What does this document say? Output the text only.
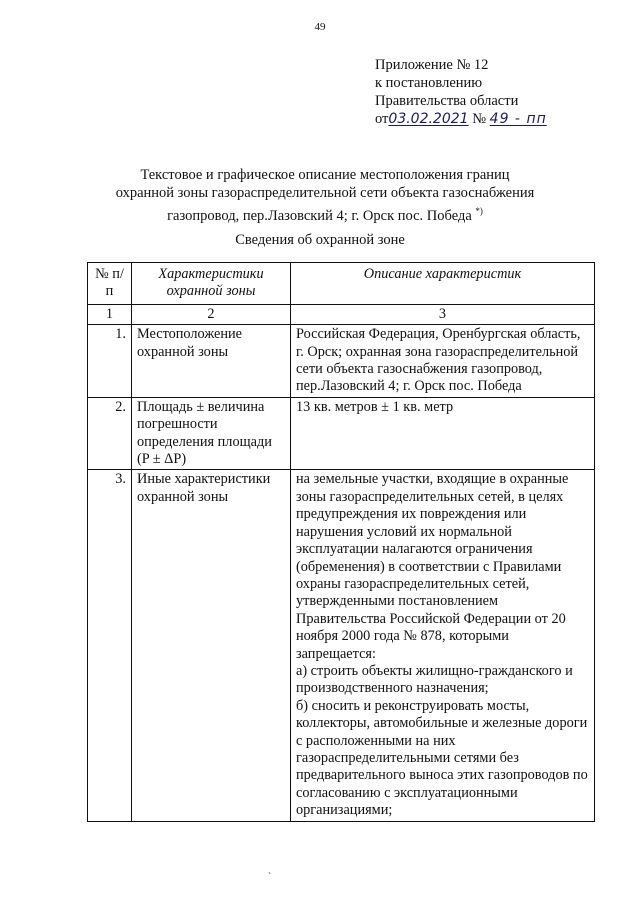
49
Приложение № 12
к постановлению
Правительства области
от03.02.2021 № 49 - пп
Текстовое и графическое описание местоположения границ
охранной зоны газораспределительной сети объекта газоснабжения
газопровод, пер.Лазовский 4; г. Орск пос. Победа *)
Сведения об охранной зоне
№ п/п	Характеристики охранной зоны	Описание характеристик
1	2	3
1.	Местоположение охранной зоны	Российская Федерация, Оренбургская область, г. Орск; охранная зона газораспределительной сети объекта газоснабжения газопровод, пер.Лазовский 4; г. Орск пос. Победа
2.	Площадь ± величина погрешности определения площади (P ± ΔP)	13 кв. метров ± 1 кв. метр
3.	Иные характеристики охранной зоны	на земельные участки, входящие в охранные зоны газораспределительных сетей, в целях предупреждения их повреждения или нарушения условий их нормальной эксплуатации налагаются ограничения (обременения) в соответствии с Правилами охраны газораспределительных сетей, утвержденными постановлением Правительства Российской Федерации от 20 ноября 2000 года № 878, которыми запрещается:
а) строить объекты жилищно-гражданского и производственного назначения;
б) сносить и реконструировать мосты, коллекторы, автомобильные и железные дороги с расположенными на них газораспределительными сетями без предварительного выноса этих газопроводов по согласованию с эксплуатационными организациями;
`
